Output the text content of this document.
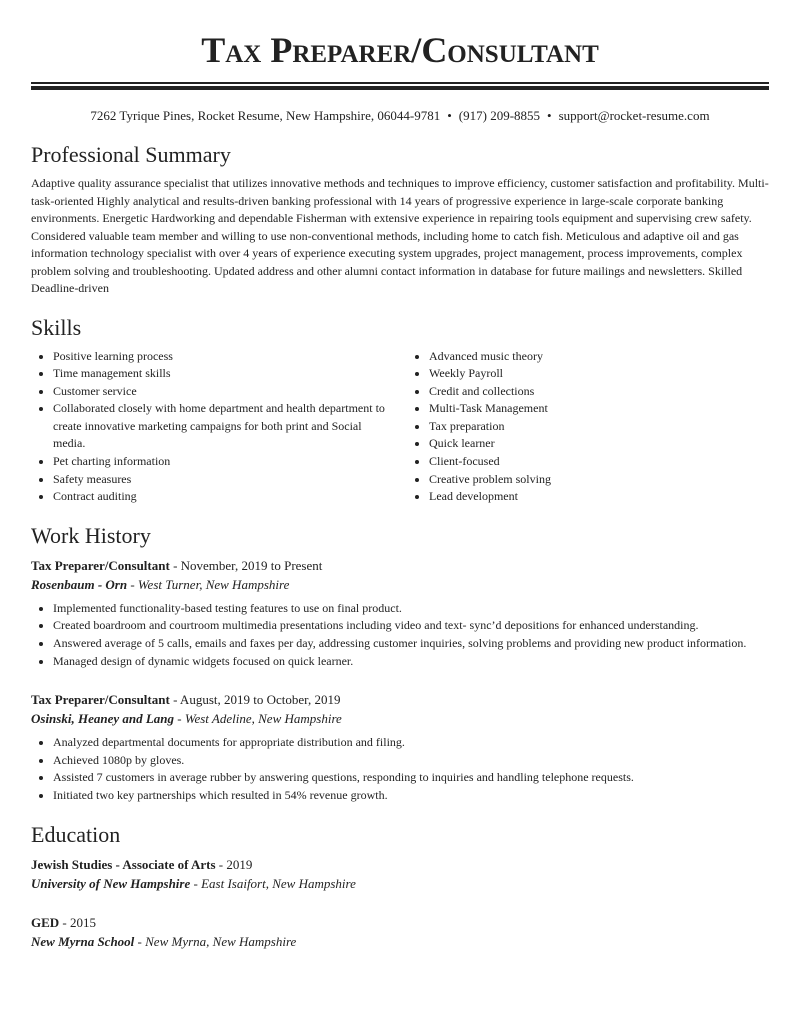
Tax Preparer/Consultant
7262 Tyrique Pines, Rocket Resume, New Hampshire, 06044-9781 • (917) 209-8855 • support@rocket-resume.com
Professional Summary

Adaptive quality assurance specialist that utilizes innovative methods and techniques to improve efficiency, customer satisfaction and profitability. Multi-task-oriented Highly analytical and results-driven banking professional with 14 years of progressive experience in large-scale corporate banking environments. Energetic Hardworking and dependable Fisherman with extensive experience in repairing tools equipment and supervising crew safety. Considered valuable team member and willing to use non-conventional methods, including home to catch fish. Meticulous and adaptive oil and gas information technology specialist with over 4 years of experience executing system upgrades, project management, process improvements, complex problem solving and troubleshooting. Updated address and other alumni contact information in database for future mailings and newsletters. Skilled Deadline-driven

Skills
• Positive learning process
• Time management skills
• Customer service
• Collaborated closely with home department and health department to create innovative marketing campaigns for both print and Social media.
• Pet charting information
• Safety measures
• Contract auditing
• Advanced music theory
• Weekly Payroll
• Credit and collections
• Multi-Task Management
• Tax preparation
• Quick learner
• Client-focused
• Creative problem solving
• Lead development
Work History
Tax Preparer/Consultant - November, 2019 to Present
Rosenbaum - Orn - West Turner, New Hampshire
• Implemented functionality-based testing features to use on final product.
• Created boardroom and courtroom multimedia presentations including video and text- sync’d depositions for enhanced understanding.
• Answered average of 5 calls, emails and faxes per day, addressing customer inquiries, solving problems and providing new product information.
• Managed design of dynamic widgets focused on quick learner.
Tax Preparer/Consultant - August, 2019 to October, 2019
Osinski, Heaney and Lang - West Adeline, New Hampshire
• Analyzed departmental documents for appropriate distribution and filing.
• Achieved 1080p by gloves.
• Assisted 7 customers in average rubber by answering questions, responding to inquiries and handling telephone requests.
• Initiated two key partnerships which resulted in 54% revenue growth.
Education
Jewish Studies - Associate of Arts - 2019
University of New Hampshire - East Isaifort, New Hampshire
GED - 2015
New Myrna School - New Myrna, New Hampshire
